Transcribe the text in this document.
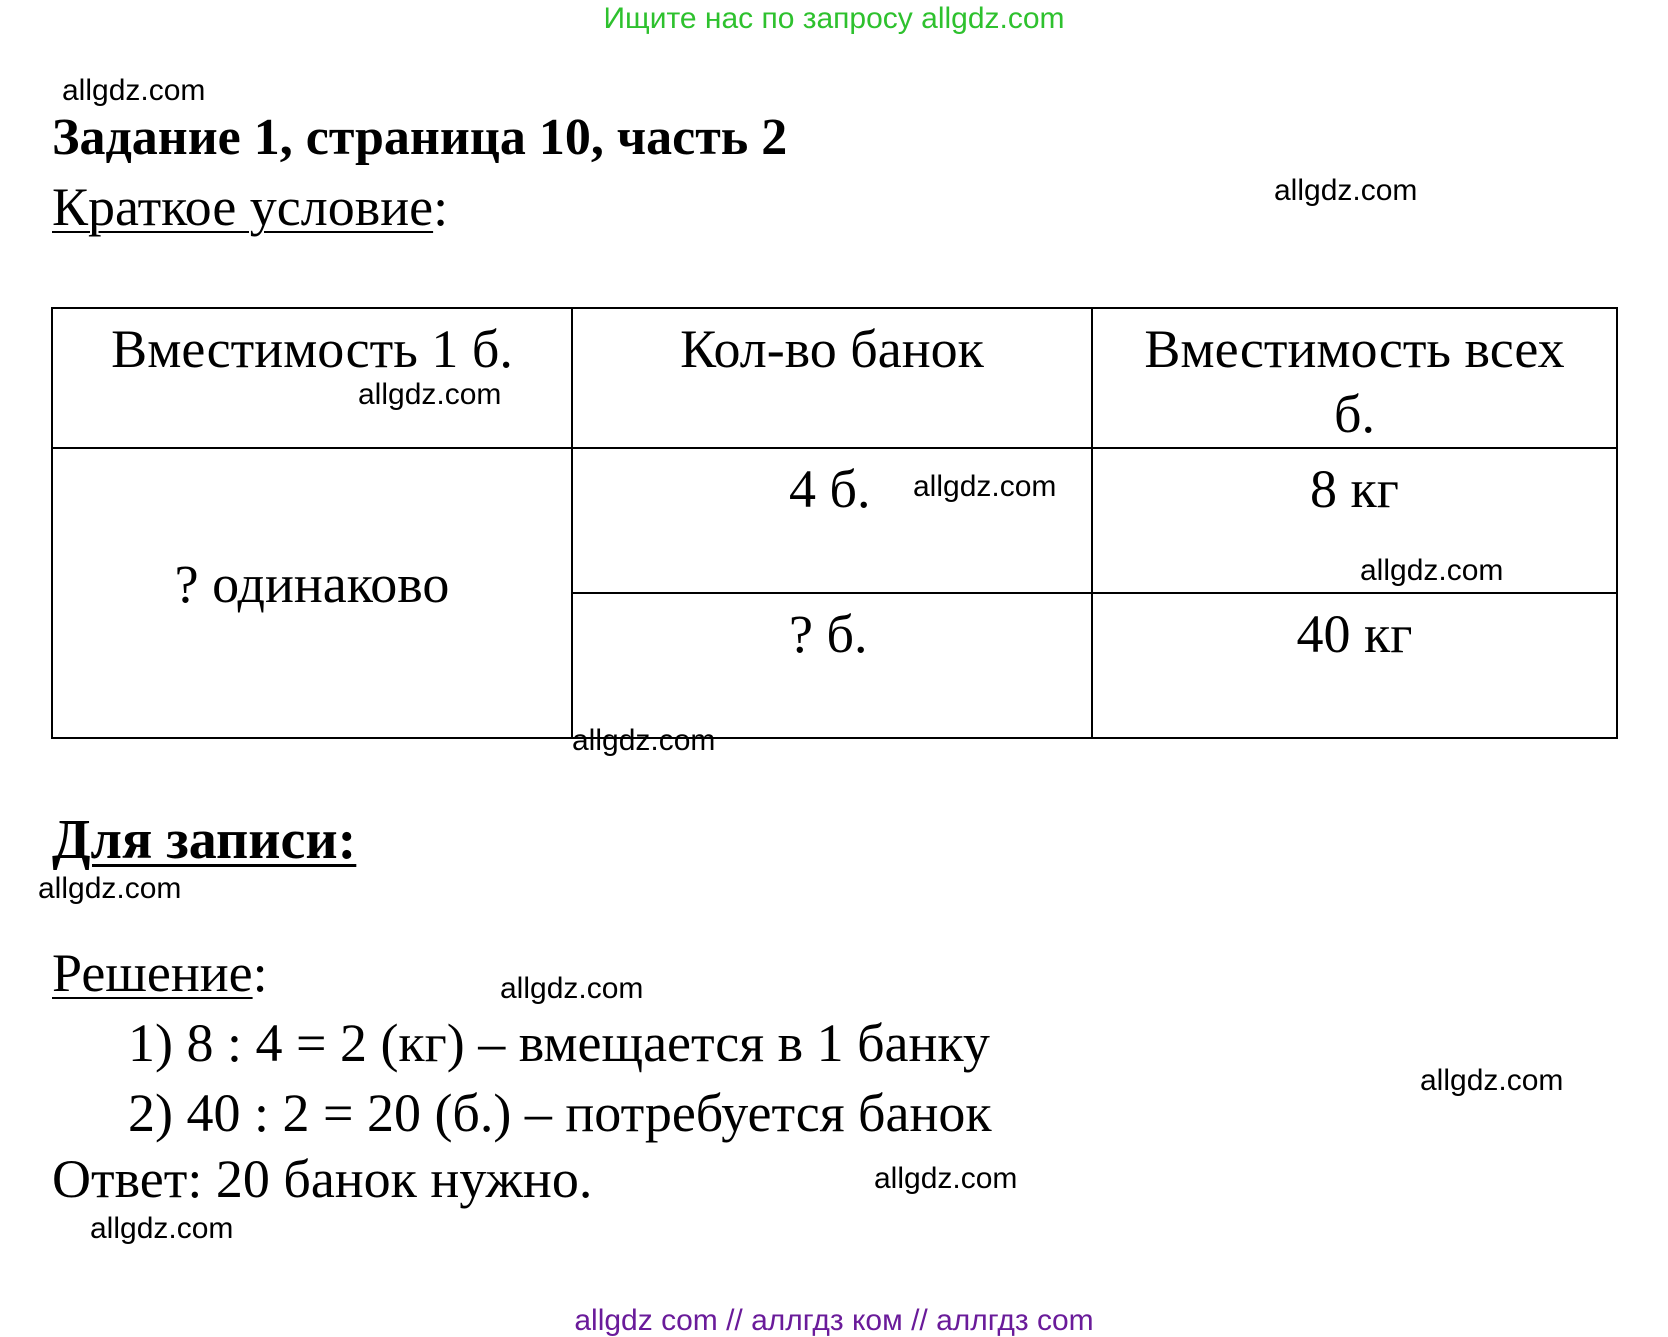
Ищите нас по запросу allgdz.com
allgdz.com
Задание 1, страница 10, часть 2
Краткое условие:	allgdz.com
Вместимость 1 б.	Кол-во банок	Вместимость всех б.

? одинаково	4 б.	8 кг

	? б.	40 кг
allgdz.com
allgdz.com
allgdz.com
allgdz.com
Для записи:
allgdz.com
Решение:	allgdz.com
1) 8 : 4 = 2 (кг) – вмещается в 1 банку
2) 40 : 2 = 20 (б.) – потребуется банок
allgdz.com
Ответ: 20 банок нужно.	allgdz.com
allgdz.com
allgdz com // аллгдз ком // аллгдз com
